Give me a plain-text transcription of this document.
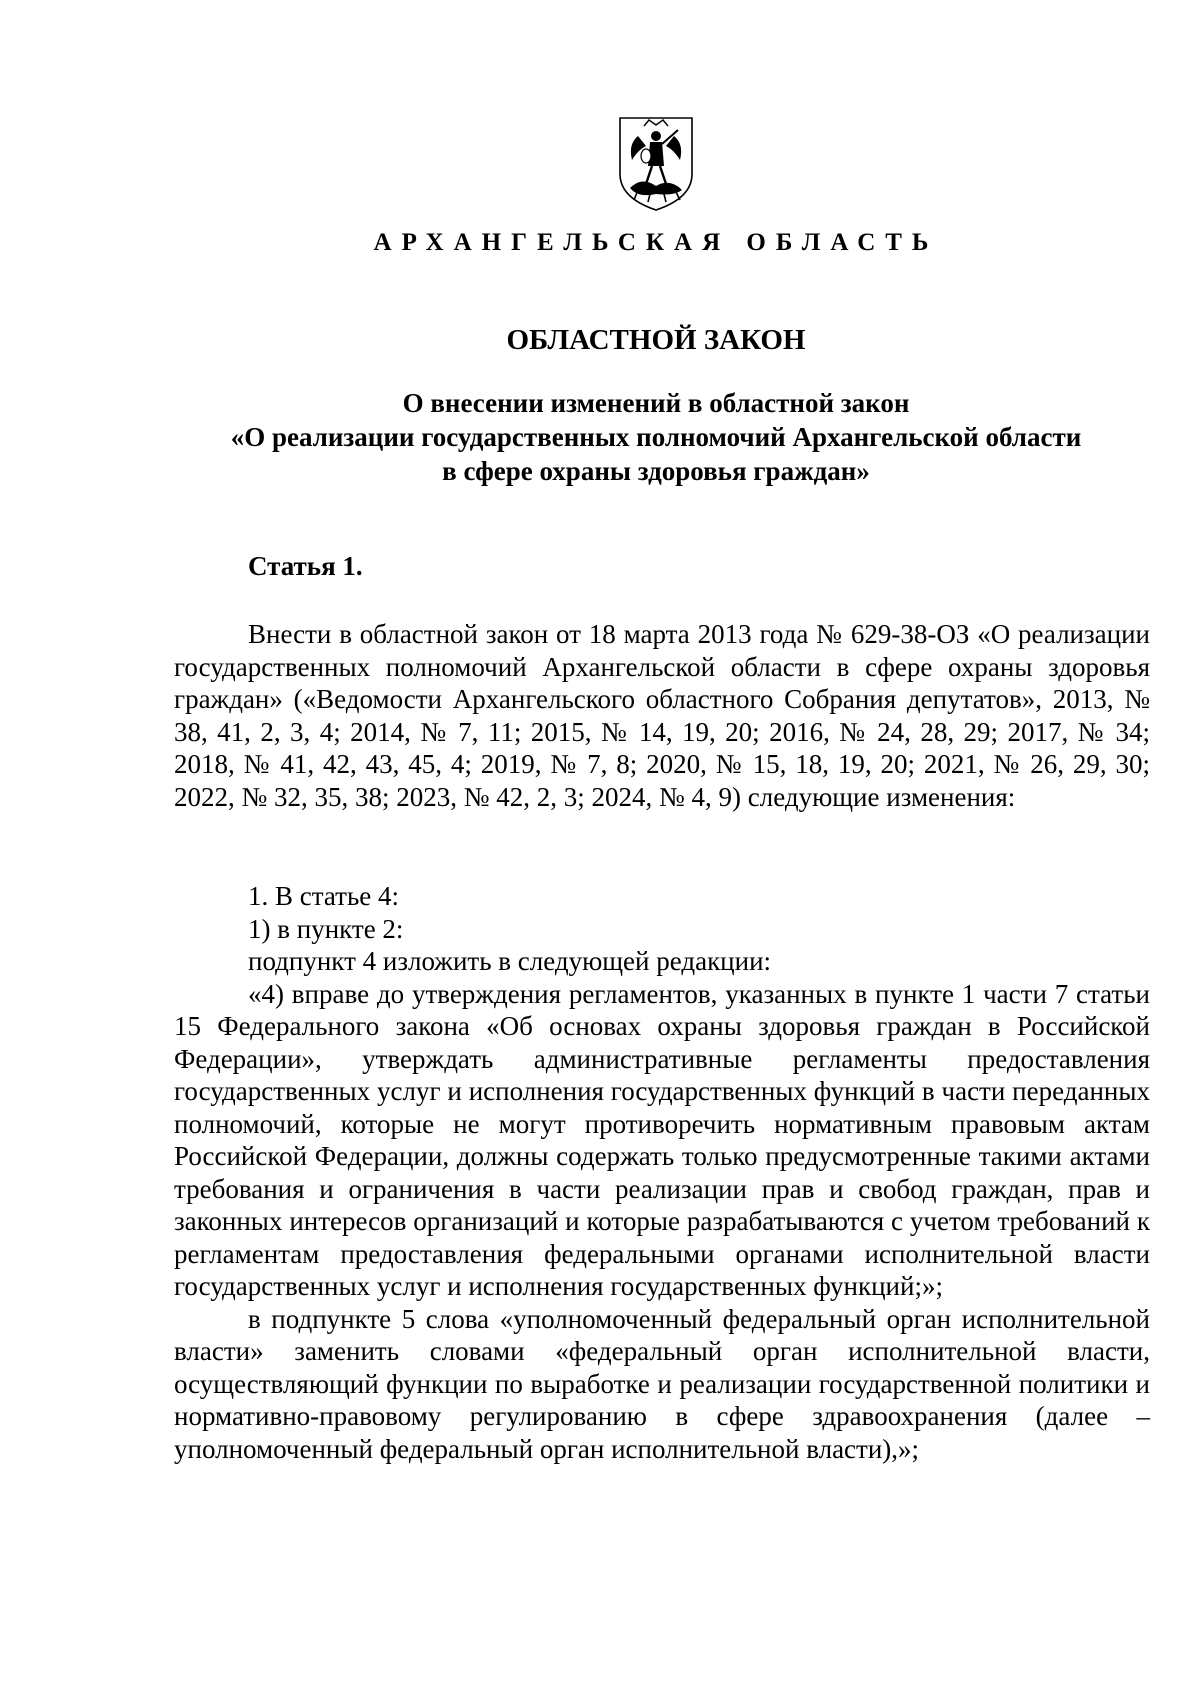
АРХАНГЕЛЬСКАЯ ОБЛАСТЬ
ОБЛАСТНОЙ ЗАКОН
О внесении изменений в областной закон
«О реализации государственных полномочий Архангельской области
в сфере охраны здоровья граждан»
Статья 1.

Внести в областной закон от 18 марта 2013 года № 629-38-ОЗ «О реализации государственных полномочий Архангельской области в сфере охраны здоровья граждан» («Ведомости Архангельского областного Собрания депутатов», 2013, № 38, 41, 2, 3, 4; 2014, № 7, 11; 2015, № 14, 19, 20; 2016, № 24, 28, 29; 2017, № 34; 2018, № 41, 42, 43, 45, 4; 2019, № 7, 8; 2020, № 15, 18, 19, 20; 2021, № 26, 29, 30; 2022, № 32, 35, 38; 2023, № 42, 2, 3; 2024, № 4, 9) следующие изменения:

1. В статье 4:

1) в пункте 2:

подпункт 4 изложить в следующей редакции:

«4) вправе до утверждения регламентов, указанных в пункте 1 части 7 статьи 15 Федерального закона «Об основах охраны здоровья граждан в Российской Федерации», утверждать административные регламенты предоставления государственных услуг и исполнения государственных функций в части переданных полномочий, которые не могут противоречить нормативным правовым актам Российской Федерации, должны содержать только предусмотренные такими актами требования и ограничения в части реализации прав и свобод граждан, прав и законных интересов организаций и которые разрабатываются с учетом требований к регламентам предоставления федеральными органами исполнительной власти государственных услуг и исполнения государственных функций;»;

в подпункте 5 слова «уполномоченный федеральный орган исполнительной власти» заменить словами «федеральный орган исполнительной власти, осуществляющий функции по выработке и реализации государственной политики и нормативно-правовому регулированию в сфере здравоохранения (далее – уполномоченный федеральный орган исполнительной власти),»;
